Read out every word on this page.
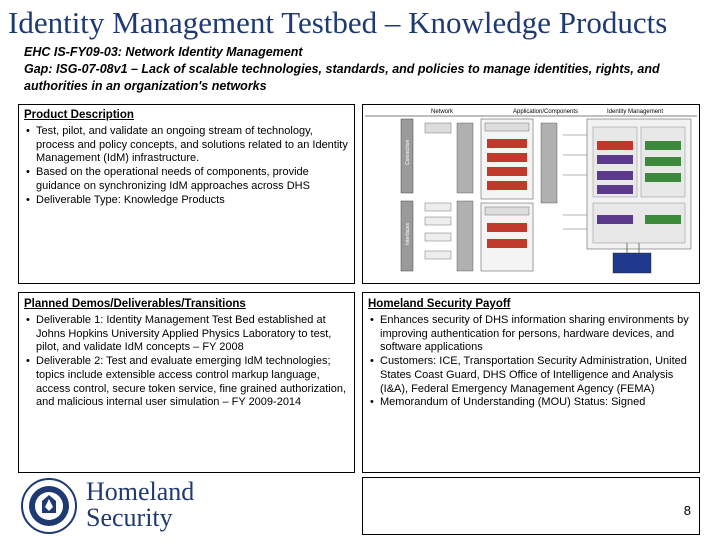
Identity Management Testbed – Knowledge Products
EHC IS-FY09-03: Network Identity Management
Gap: ISG-07-08v1 – Lack of scalable technologies, standards, and policies to manage identities, rights, and authorities in an organization's networks
Product Description
• Test, pilot, and validate an ongoing stream of technology, process and policy concepts, and solutions related to an Identity Management (IdM) infrastructure.
• Based on the operational needs of components, provide guidance on synchronizing IdM approaches across DHS
• Deliverable Type: Knowledge Products
Network	Application/Components	Identity Management
Connection
Interfaces
Planned Demos/Deliverables/Transitions
• Deliverable 1: Identity Management Test Bed established at Johns Hopkins University Applied Physics Laboratory to test, pilot, and validate IdM concepts – FY 2008
• Deliverable 2: Test and evaluate emerging IdM technologies; topics include extensible access control markup language, access control, secure token service, fine grained authorization, and malicious internal user simulation – FY 2009-2014
Homeland Security Payoff
• Enhances security of DHS information sharing environments by improving authentication for persons, hardware devices, and software applications
• Customers: ICE, Transportation Security Administration, United States Coast Guard, DHS Office of Intelligence and Analysis (I&A), Federal Emergency Management Agency (FEMA)
• Memorandum of Understanding (MOU) Status: Signed
8
Homeland
Security
